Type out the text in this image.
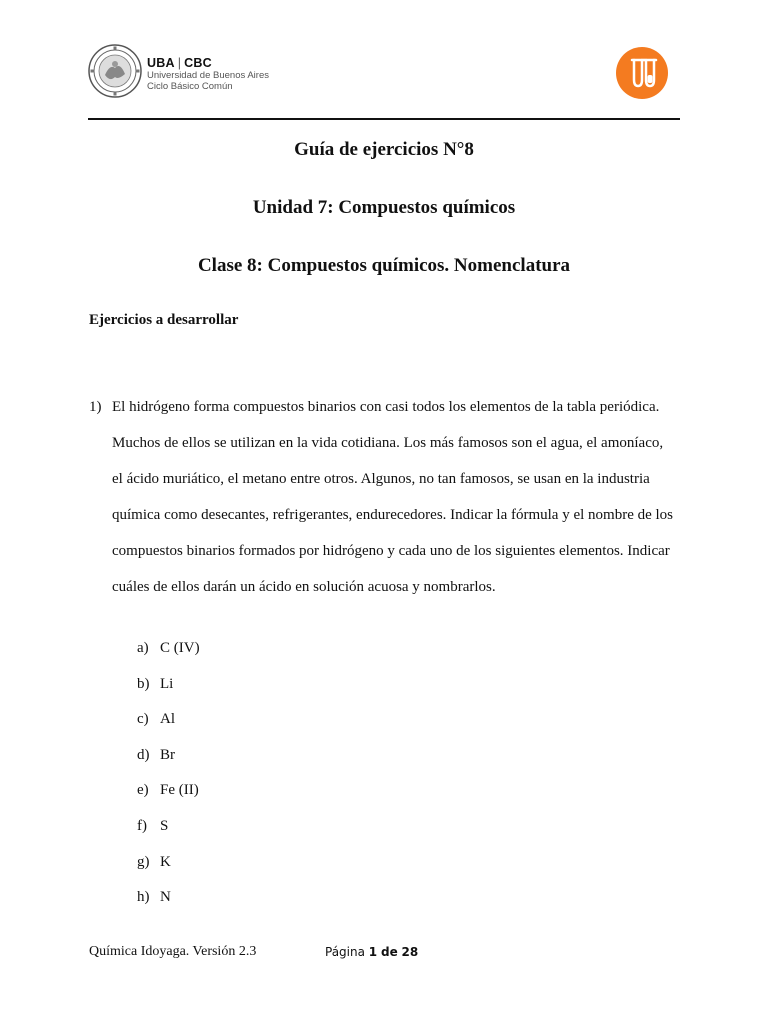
UBA | CBC
Universidad de Buenos Aires
Ciclo Básico Común
Guía de ejercicios N°8
Unidad 7: Compuestos químicos
Clase 8: Compuestos químicos. Nomenclatura
Ejercicios a desarrollar
1) El hidrógeno forma compuestos binarios con casi todos los elementos de la tabla periódica.
Muchos de ellos se utilizan en la vida cotidiana. Los más famosos son el agua, el amoníaco,
el ácido muriático, el metano entre otros. Algunos, no tan famosos, se usan en la industria
química como desecantes, refrigerantes, endurecedores. Indicar la fórmula y el nombre de los
compuestos binarios formados por hidrógeno y cada uno de los siguientes elementos. Indicar
cuáles de ellos darán un ácido en solución acuosa y nombrarlos.
a) C (IV)
b) Li
c) Al
d) Br
e) Fe (II)
f) S
g) K
h) N
Química Idoyaga. Versión 2.3	Página 1 de 28
